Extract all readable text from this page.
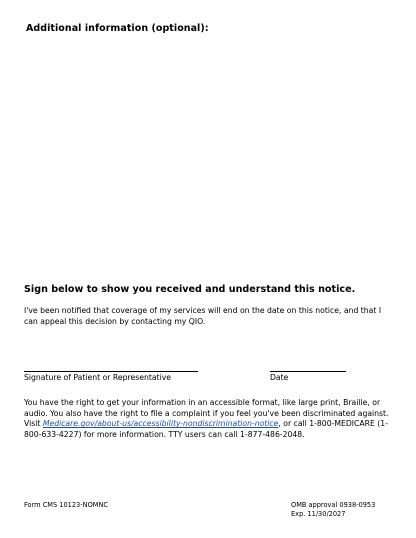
Additional information (optional):
Sign below to show you received and understand this notice.
I've been notified that coverage of my services will end on the date on this notice, and that I can appeal this decision by contacting my QIO.
Signature of Patient or Representative	Date
You have the right to get your information in an accessible format, like large print, Braille, or audio. You also have the right to file a complaint if you feel you've been discriminated against. Visit Medicare.gov/about-us/accessibility-nondiscrimination-notice, or call 1-800-MEDICARE (1-800-633-4227) for more information. TTY users can call 1-877-486-2048.
Form CMS 10123-NOMNC	OMB approval 0938-0953
Exp. 11/30/2027
